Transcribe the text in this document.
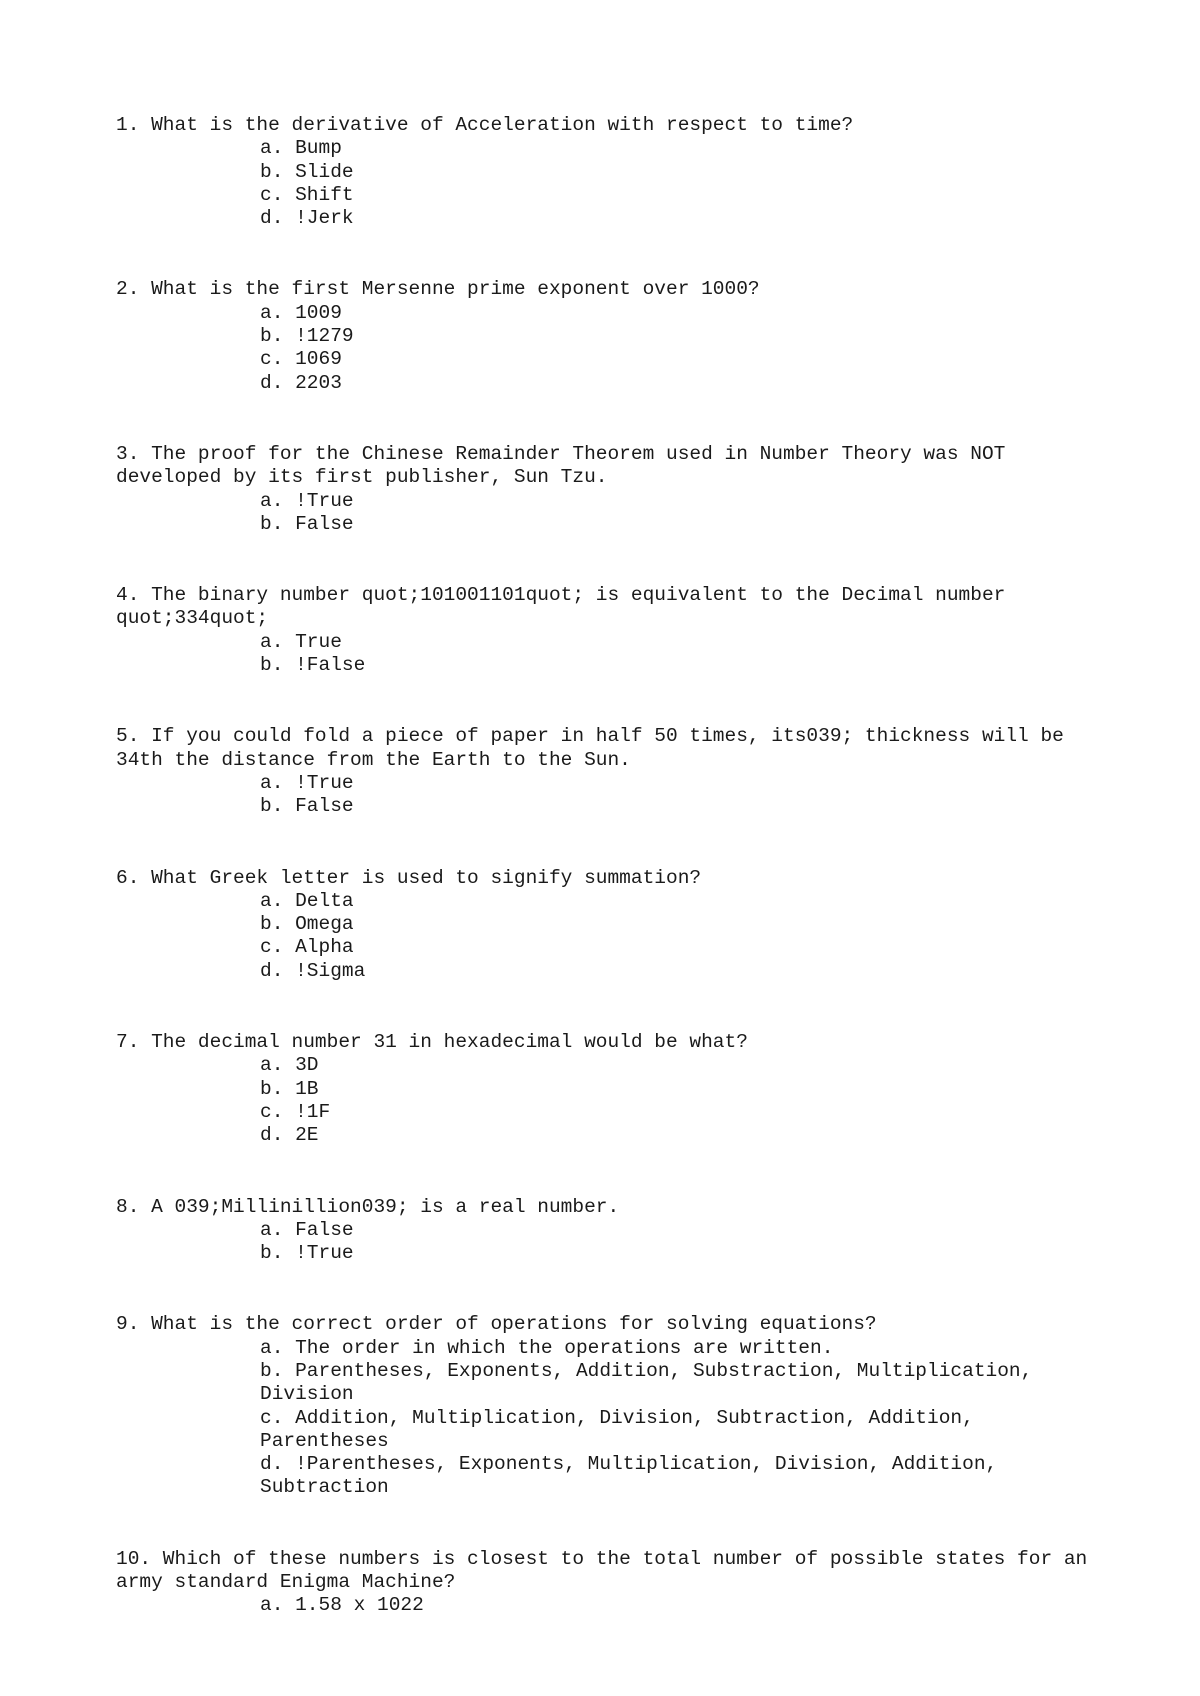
1. What is the derivative of Acceleration with respect to time?

a. Bump

b. Slide

c. Shift

d. !Jerk

2. What is the first Mersenne prime exponent over 1000?

a. 1009

b. !1279

c. 1069

d. 2203

3. The proof for the Chinese Remainder Theorem used in Number Theory was NOT developed by its first publisher, Sun Tzu.

a. !True

b. False

4. The binary number quot;101001101quot; is equivalent to the Decimal number quot;334quot;

a. True

b. !False

5. If you could fold a piece of paper in half 50 times, its039; thickness will be 34th the distance from the Earth to the Sun.

a. !True

b. False

6. What Greek letter is used to signify summation?

a. Delta

b. Omega

c. Alpha

d. !Sigma

7. The decimal number 31 in hexadecimal would be what?

a. 3D

b. 1B

c. !1F

d. 2E

8. A 039;Millinillion039; is a real number.

a. False

b. !True

9. What is the correct order of operations for solving equations?

a. The order in which the operations are written.

b. Parentheses, Exponents, Addition, Substraction, Multiplication, Division

c. Addition, Multiplication, Division, Subtraction, Addition, Parentheses

d. !Parentheses, Exponents, Multiplication, Division, Addition, Subtraction

10. Which of these numbers is closest to the total number of possible states for an army standard Enigma Machine?

a. 1.58 x 1022
